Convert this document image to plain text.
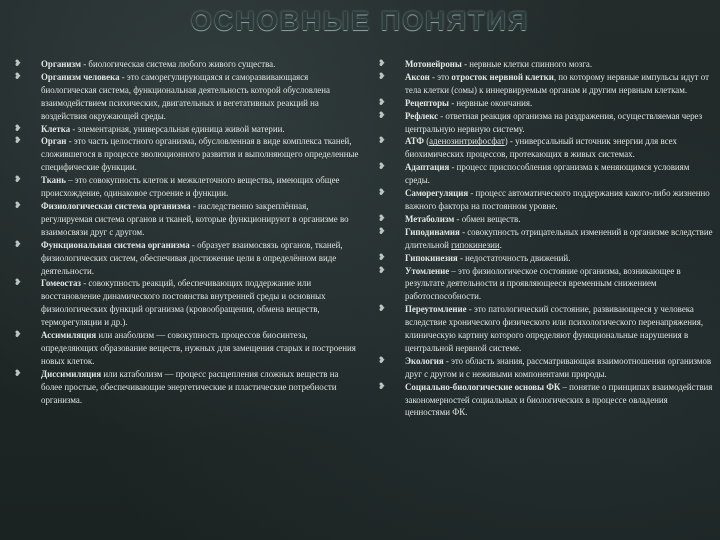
ОСНОВНЫЕ ПОНЯТИЯ
❥	Организм - биологическая система любого живого существа.
❥	Организм человека - это саморегулирующаяся и саморазвивающаяся биологическая система, функциональная деятельность которой обусловлена взаимодействием психических, двигательных и вегетативных реакций на воздействия окружающей среды.
❥	Клетка - элементарная, универсальная единица живой материи.
❥	Орган - это часть целостного организма, обусловленная в виде комплекса тканей, сложившегося в процессе эволюционного развития и выполняющего определенные специфические функции.
❥	Ткань – это совокупность клеток и межклеточного вещества, имеющих общее происхождение, одинаковое строение и функции.
❥	Физиологическая система организма - наследственно закреплённая, регулируемая система органов и тканей, которые функционируют в организме во взаимосвязи друг с другом.
❥	Функциональная система организма - образует взаимосвязь органов, тканей, физиологических систем, обеспечивая достижение цели в определённом виде деятельности.
❥	Гомеостаз - совокупность реакций, обеспечивающих поддержание или восстановление динамического постоянства внутренней среды и основных физиологических функций организма (кровообращения, обмена веществ, терморегуляции и др.).
❥	Ассимиляция или анаболизм — совокупность процессов биосинтеза, определяющих образование веществ, нужных для замещения старых и построения новых клеток.
❥	Диссимиляция или катаболизм — процесс расщепления сложных веществ на более простые, обеспечивающие энергетические и пластические потребности организма.
❥	Мотонейроны - нервные клетки спинного мозга.
❥	Аксон - это отросток нервной клетки, по которому нервные импульсы идут от тела клетки (сомы) к иннервируемым органам и другим нервным клеткам.
❥	Рецепторы - нервные окончания.
❥	Рефлекс - ответная реакция организма на раздражения, осуществляемая через центральную нервную систему.
❥	АТФ (аденозинтрифосфат) - универсальный источник энергии для всех биохимических процессов, протекающих в живых системах.
❥	Адаптация - процесс приспособления организма к меняющимся условиям среды.
❥	Саморегуляция - процесс автоматического поддержания какого-либо жизненно важного фактора на постоянном уровне.
❥	Метаболизм - обмен веществ.
❥	Гиподинамия - совокупность отрицательных изменений в организме вследствие длительной гипокинезии.
❥	Гипокинезия - недостаточность движений.
❥	Утомление – это физиологическое состояние организма, возникающее в результате деятельности и проявляющееся временным снижением работоспособности.
❥	Переутомление - это патологический состояние, развивающееся у человека вследствие хронического физического или психологического перенапряжения, клиническую картину которого определяют функциональные нарушения в центральной нервной системе.
❥	Экология - это область знания, рассматривающая взаимоотношения организмов друг с другом и с неживыми компонентами природы.
❥	Социально-биологические основы ФК – понятие о принципах взаимодействия закономерностей социальных и биологических в процессе овладения ценностями ФК.
